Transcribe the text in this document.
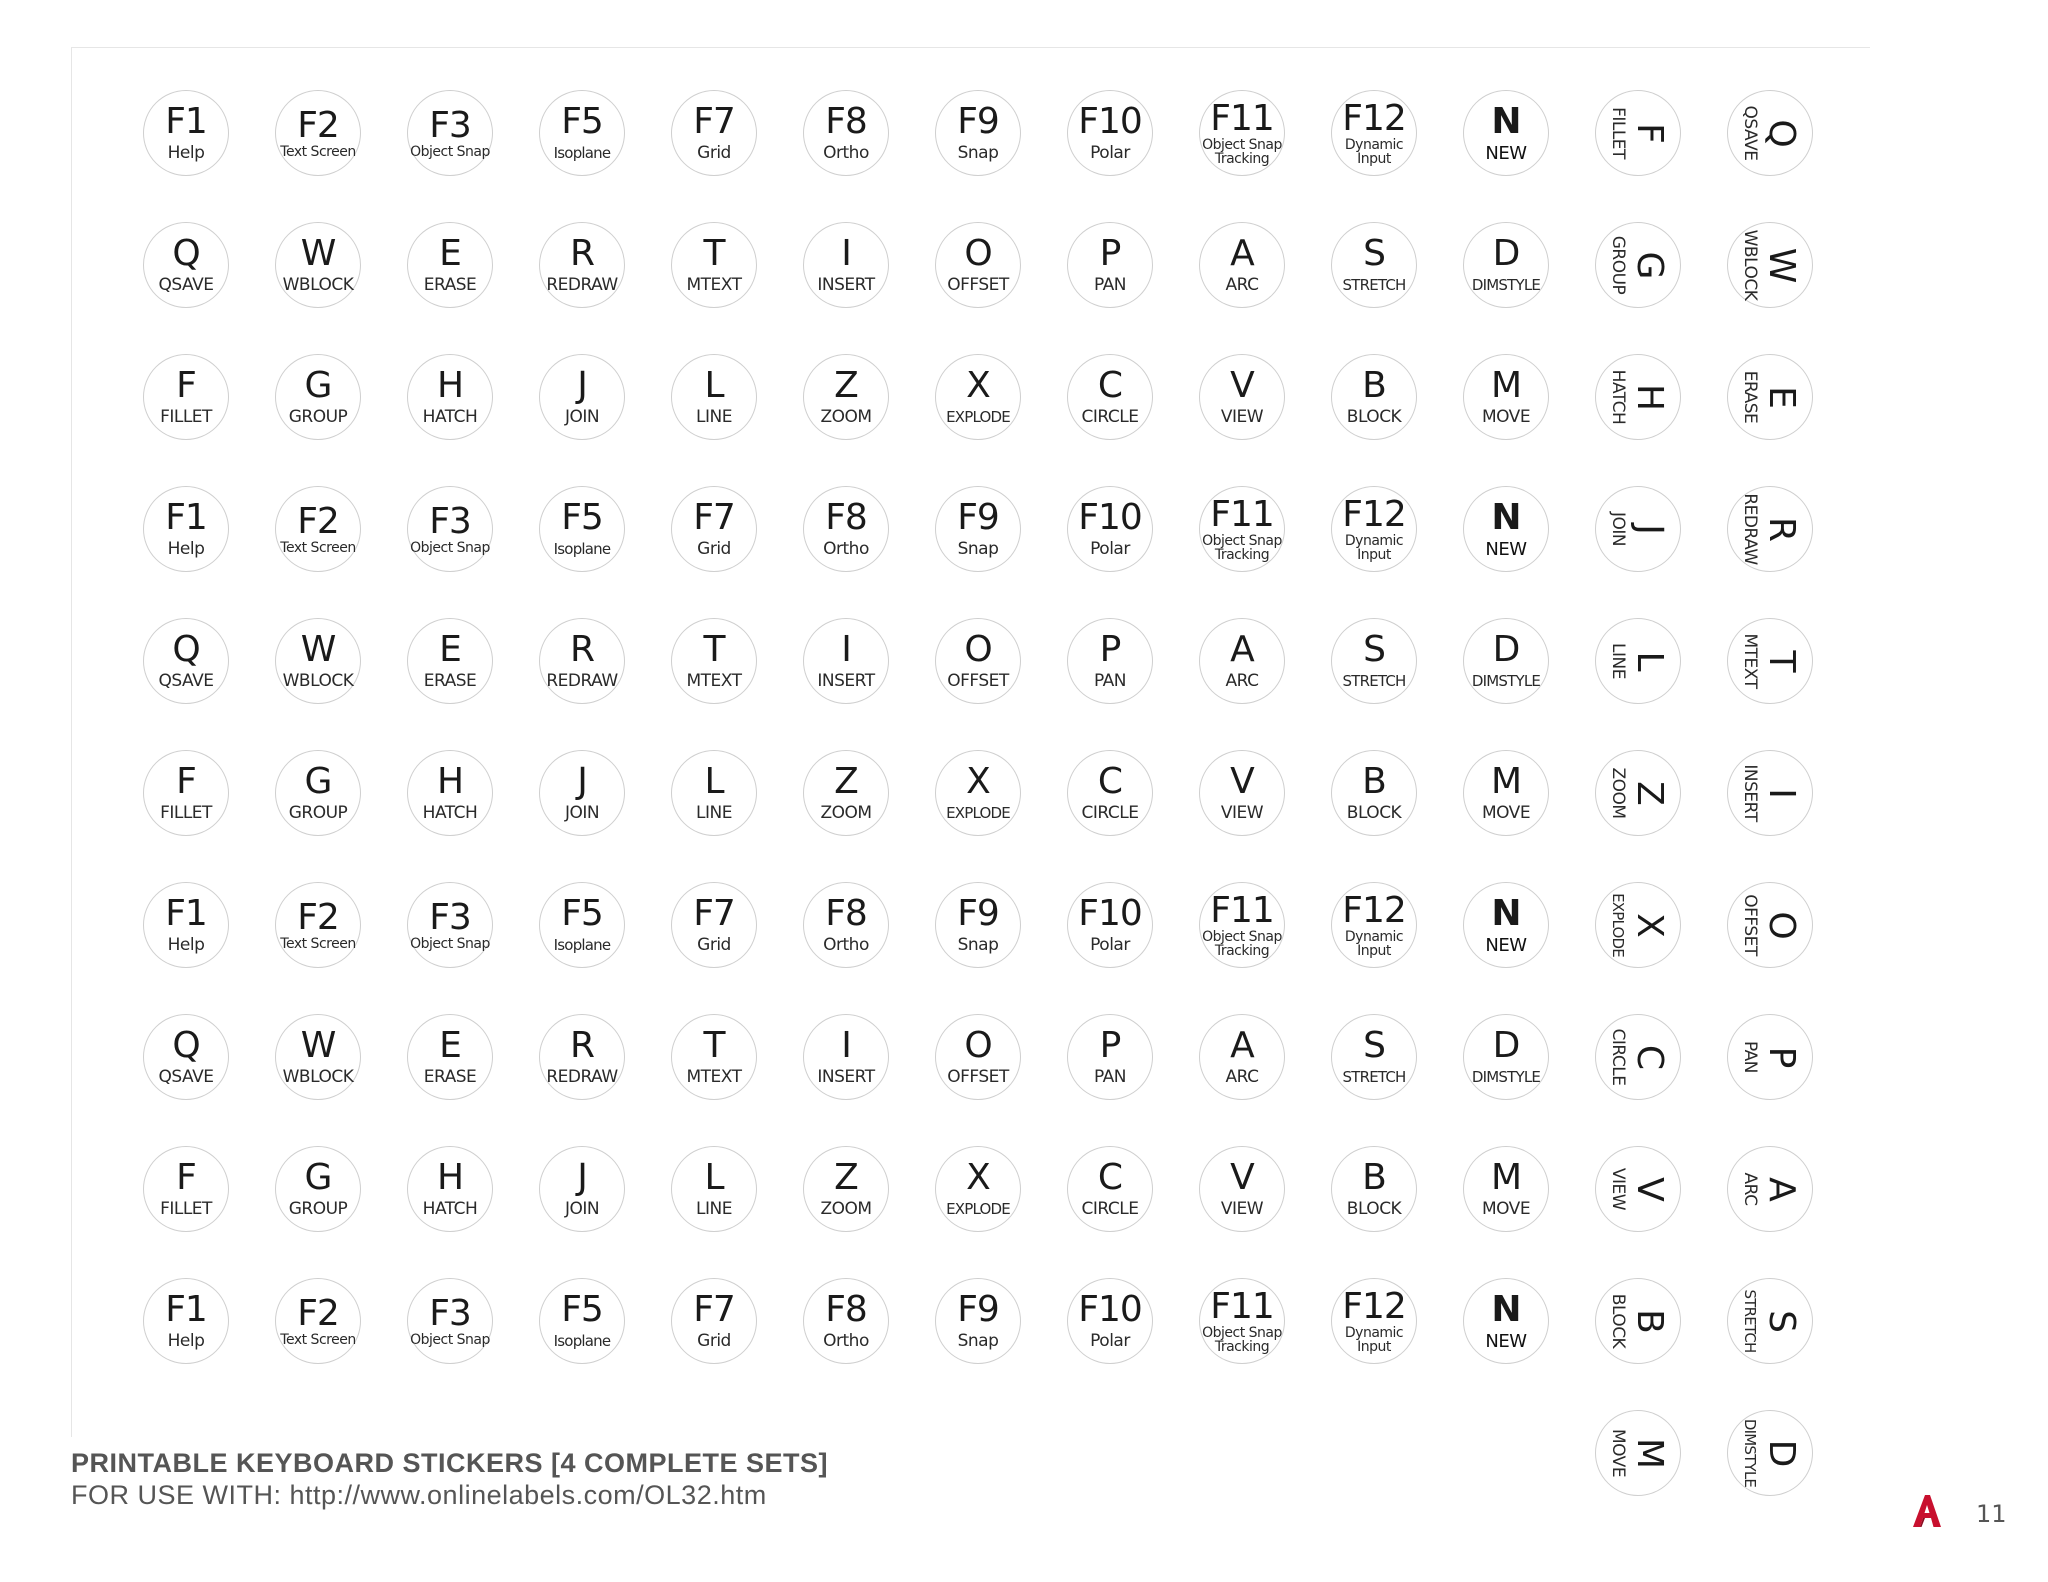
F1
Help
F2
Text Screen
F3
Object Snap
F5
Isoplane
F7
Grid
F8
Ortho
F9
Snap
F10
Polar
F11
Object Snap Tracking
F12
Dynamic Input
N
NEW
Q
QSAVE
W
WBLOCK
E
ERASE
R
REDRAW
T
MTEXT
I
INSERT
O
OFFSET
P
PAN
A
ARC
S
STRETCH
D
DIMSTYLE
F
FILLET
G
GROUP
H
HATCH
J
JOIN
L
LINE
Z
ZOOM
X
EXPLODE
C
CIRCLE
V
VIEW
B
BLOCK
M
MOVE
F1
Help
F2
Text Screen
F3
Object Snap
F5
Isoplane
F7
Grid
F8
Ortho
F9
Snap
F10
Polar
F11
Object Snap Tracking
F12
Dynamic Input
N
NEW
Q
QSAVE
W
WBLOCK
E
ERASE
R
REDRAW
T
MTEXT
I
INSERT
O
OFFSET
P
PAN
A
ARC
S
STRETCH
D
DIMSTYLE
F
FILLET
G
GROUP
H
HATCH
J
JOIN
L
LINE
Z
ZOOM
X
EXPLODE
C
CIRCLE
V
VIEW
B
BLOCK
M
MOVE
F1
Help
F2
Text Screen
F3
Object Snap
F5
Isoplane
F7
Grid
F8
Ortho
F9
Snap
F10
Polar
F11
Object Snap Tracking
F12
Dynamic Input
N
NEW
Q
QSAVE
W
WBLOCK
E
ERASE
R
REDRAW
T
MTEXT
I
INSERT
O
OFFSET
P
PAN
A
ARC
S
STRETCH
D
DIMSTYLE
F
FILLET
G
GROUP
H
HATCH
J
JOIN
L
LINE
Z
ZOOM
X
EXPLODE
C
CIRCLE
V
VIEW
B
BLOCK
M
MOVE
F1
Help
F2
Text Screen
F3
Object Snap
F5
Isoplane
F7
Grid
F8
Ortho
F9
Snap
F10
Polar
F11
Object Snap Tracking
F12
Dynamic Input
N
NEW
F
FILLET
G
GROUP
H
HATCH
J
JOIN
L
LINE
Z
ZOOM
X
EXPLODE
C
CIRCLE
V
VIEW
B
BLOCK
M
MOVE
Q
QSAVE
W
WBLOCK
E
ERASE
R
REDRAW
T
MTEXT
I
INSERT
O
OFFSET
P
PAN
A
ARC
S
STRETCH
D
DIMSTYLE
PRINTABLE KEYBOARD STICKERS [4 COMPLETE SETS]
FOR USE WITH: http://www.onlinelabels.com/OL32.htm
11
